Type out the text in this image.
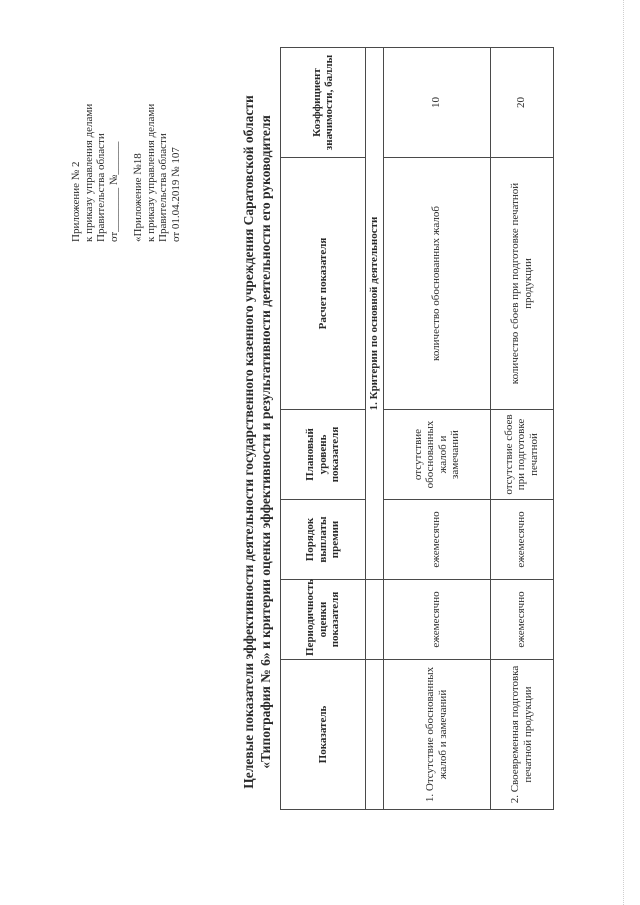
Приложение № 2 к приказу управления делами Правительства области от________ №______ «Приложение №18 к приказу управления делами Правительства области от 01.04.2019 № 107	Целевые показатели эффективности деятельности государственного казенного учреждения Саратовской области «Типография № 6» и критерии оценки эффективности и результативности деятельности его руководителя	Показатель	Периодичность оценки показателя	Порядок выплаты премии	Плановый уровень показателя	Расчет показателя	Коэффициент значимости, баллы
		1. Критерии по основной деятельности			
1. Отсутствие обоснованных жалоб и замечаний	ежемесячно	ежемесячно	отсутствие обоснованных жалоб и замечаний	количество обоснованных жалоб	10
2. Своевременная подготовка печатной продукции	ежемесячно	ежемесячно	отсутствие сбоев при подготовке печатной	количество сбоев при подготовке печатной продукции	20
